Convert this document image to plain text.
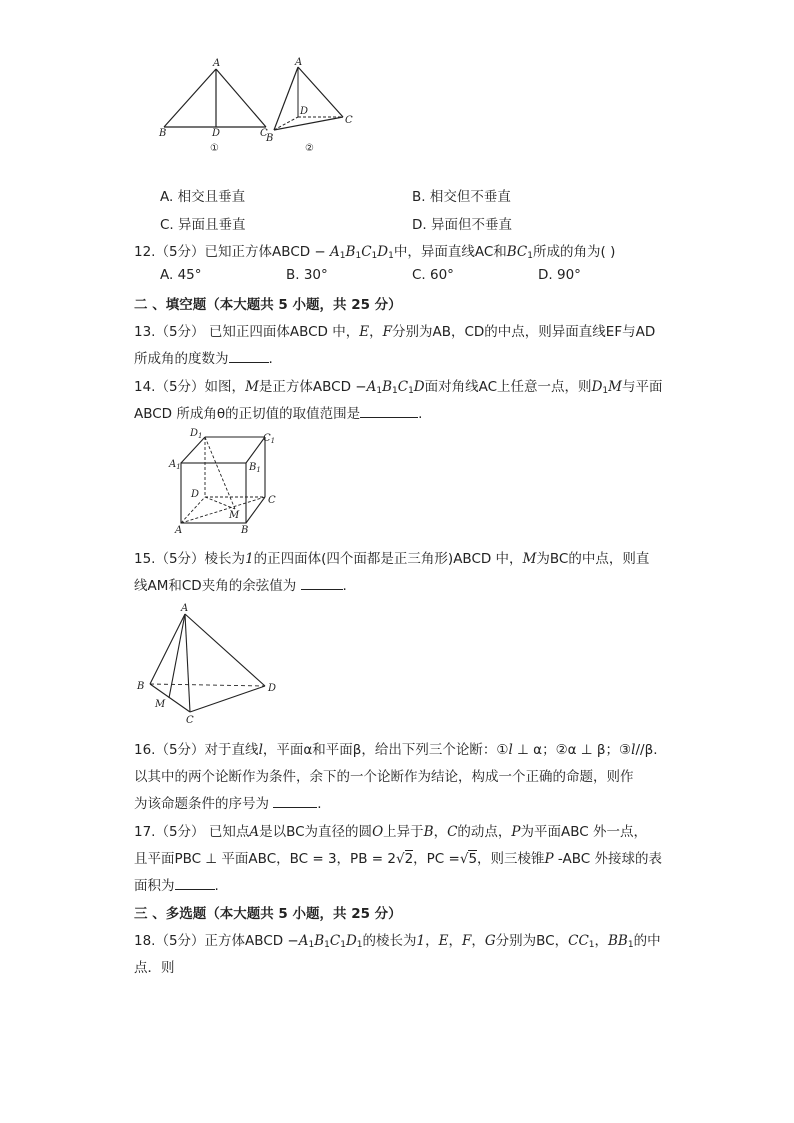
A
B	D	C
①
A
D
C
B
②
A. 相交且垂直	B. 相交但不垂直
C. 异面且垂直	D. 异面但不垂直
12.（5分）已知正方体ABCD − $A_1B_1C_1D_1$中，异面直线AC和$BC_1$所成的角为( )
A. 45°	B. 30°	C. 60°	D. 90°
二 、填空题（本大题共 5 小题，共 25 分）
13.（5分） 已知正四面体ABCD 中，E，F分别为AB，CD的中点，则异面直线EF与AD
所成角的度数为	.
14.（5分）如图，M是正方体ABCD $-A_1B_1C_1D$面对角线AC上任意一点，则$D_1M$与平面
ABCD 所成角θ的正切值的取值范围是	.
$D_1$	$C_1$
$A_1$	$B_1$
D
C
M
A	B
15.（5分）棱长为1的正四面体(四个面都是正三角形)ABCD 中，M为BC的中点，则直
线AM和CD夹角的余弦值为	.
A
B	D
M
C
16.（5分）对于直线l，平面α和平面β，给出下列三个论断：①l ⊥ α；②α ⊥ β；③l//β.
以其中的两个论断作为条件，余下的一个论断作为结论，构成一个正确的命题，则作
为该命题条件的序号为	.
17.（5分） 已知点A是以BC为直径的圆O上异于B，C的动点，P为平面ABC 外一点，
且平面PBC ⊥ 平面ABC，BC = 3，PB = 2√2，PC =√5，则三棱锥P -ABC 外接球的表
面积为	.
三 、多选题（本大题共 5 小题，共 25 分）
18.（5分）正方体ABCD $-A_1B_1C_1D_1$的棱长为1，E，F，G分别为BC，$CC_1$，$BB_1$的中
点．则
